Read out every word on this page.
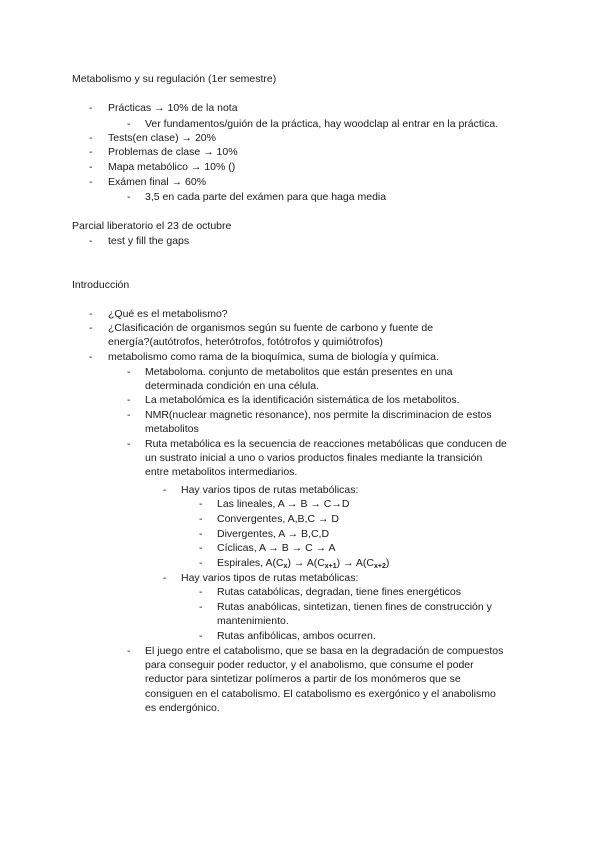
Metabolismo y su regulación (1er semestre)
- Prácticas → 10% de la nota
- Ver fundamentos/guión de la práctica, hay woodclap al entrar en la práctica.
- Tests(en clase) → 20%
- Problemas de clase → 10%
- Mapa metabólico → 10% ()
- Exámen final → 60%
- 3,5 en cada parte del exámen para que haga media
Parcial liberatorio el 23 de octubre
- test y fill the gaps
Introducción
- ¿Qué es el metabolismo?
- ¿Clasificación de organismos según su fuente de carbono y fuente de
energía?(autótrofos, heterótrofos, fotótrofos y quimiótrofos)
- metabolismo como rama de la bioquímica, suma de biología y química.
- Metaboloma. conjunto de metabolitos que están presentes en una
determinada condición en una célula.
- La metabolómica es la identificación sistemática de los metabolitos.
- NMR(nuclear magnetic resonance), nos permite la discriminacion de estos
metabolitos
- Ruta metabólica es la secuencia de reacciones metabólicas que conducen de
un sustrato inicial a uno o varios productos finales mediante la transición
entre metabolitos intermediarios.
- Hay varios tipos de rutas metabólicas:
- Las lineales, A → B → C→D
- Convergentes, A,B,C → D
- Divergentes, A → B,C,D
- Cíclicas, A → B → C → A
- Espirales, $A(C_x) \to A(C_{x+1}) \to A(C_{x+2})$
- Hay varios tipos de rutas metabólicas:
- Rutas catabólicas, degradan, tiene fines energéticos
- Rutas anabólicas, sintetizan, tienen fines de construcción y
mantenimiento.
- Rutas anfibólicas, ambos ocurren.
- El juego entre el catabolismo, que se basa en la degradación de compuestos
para conseguir poder reductor, y el anabolismo, que consume el poder
reductor para sintetizar polímeros a partir de los monómeros que se
consiguen en el catabolismo. El catabolismo es exergónico y el anabolismo
es endergónico.
